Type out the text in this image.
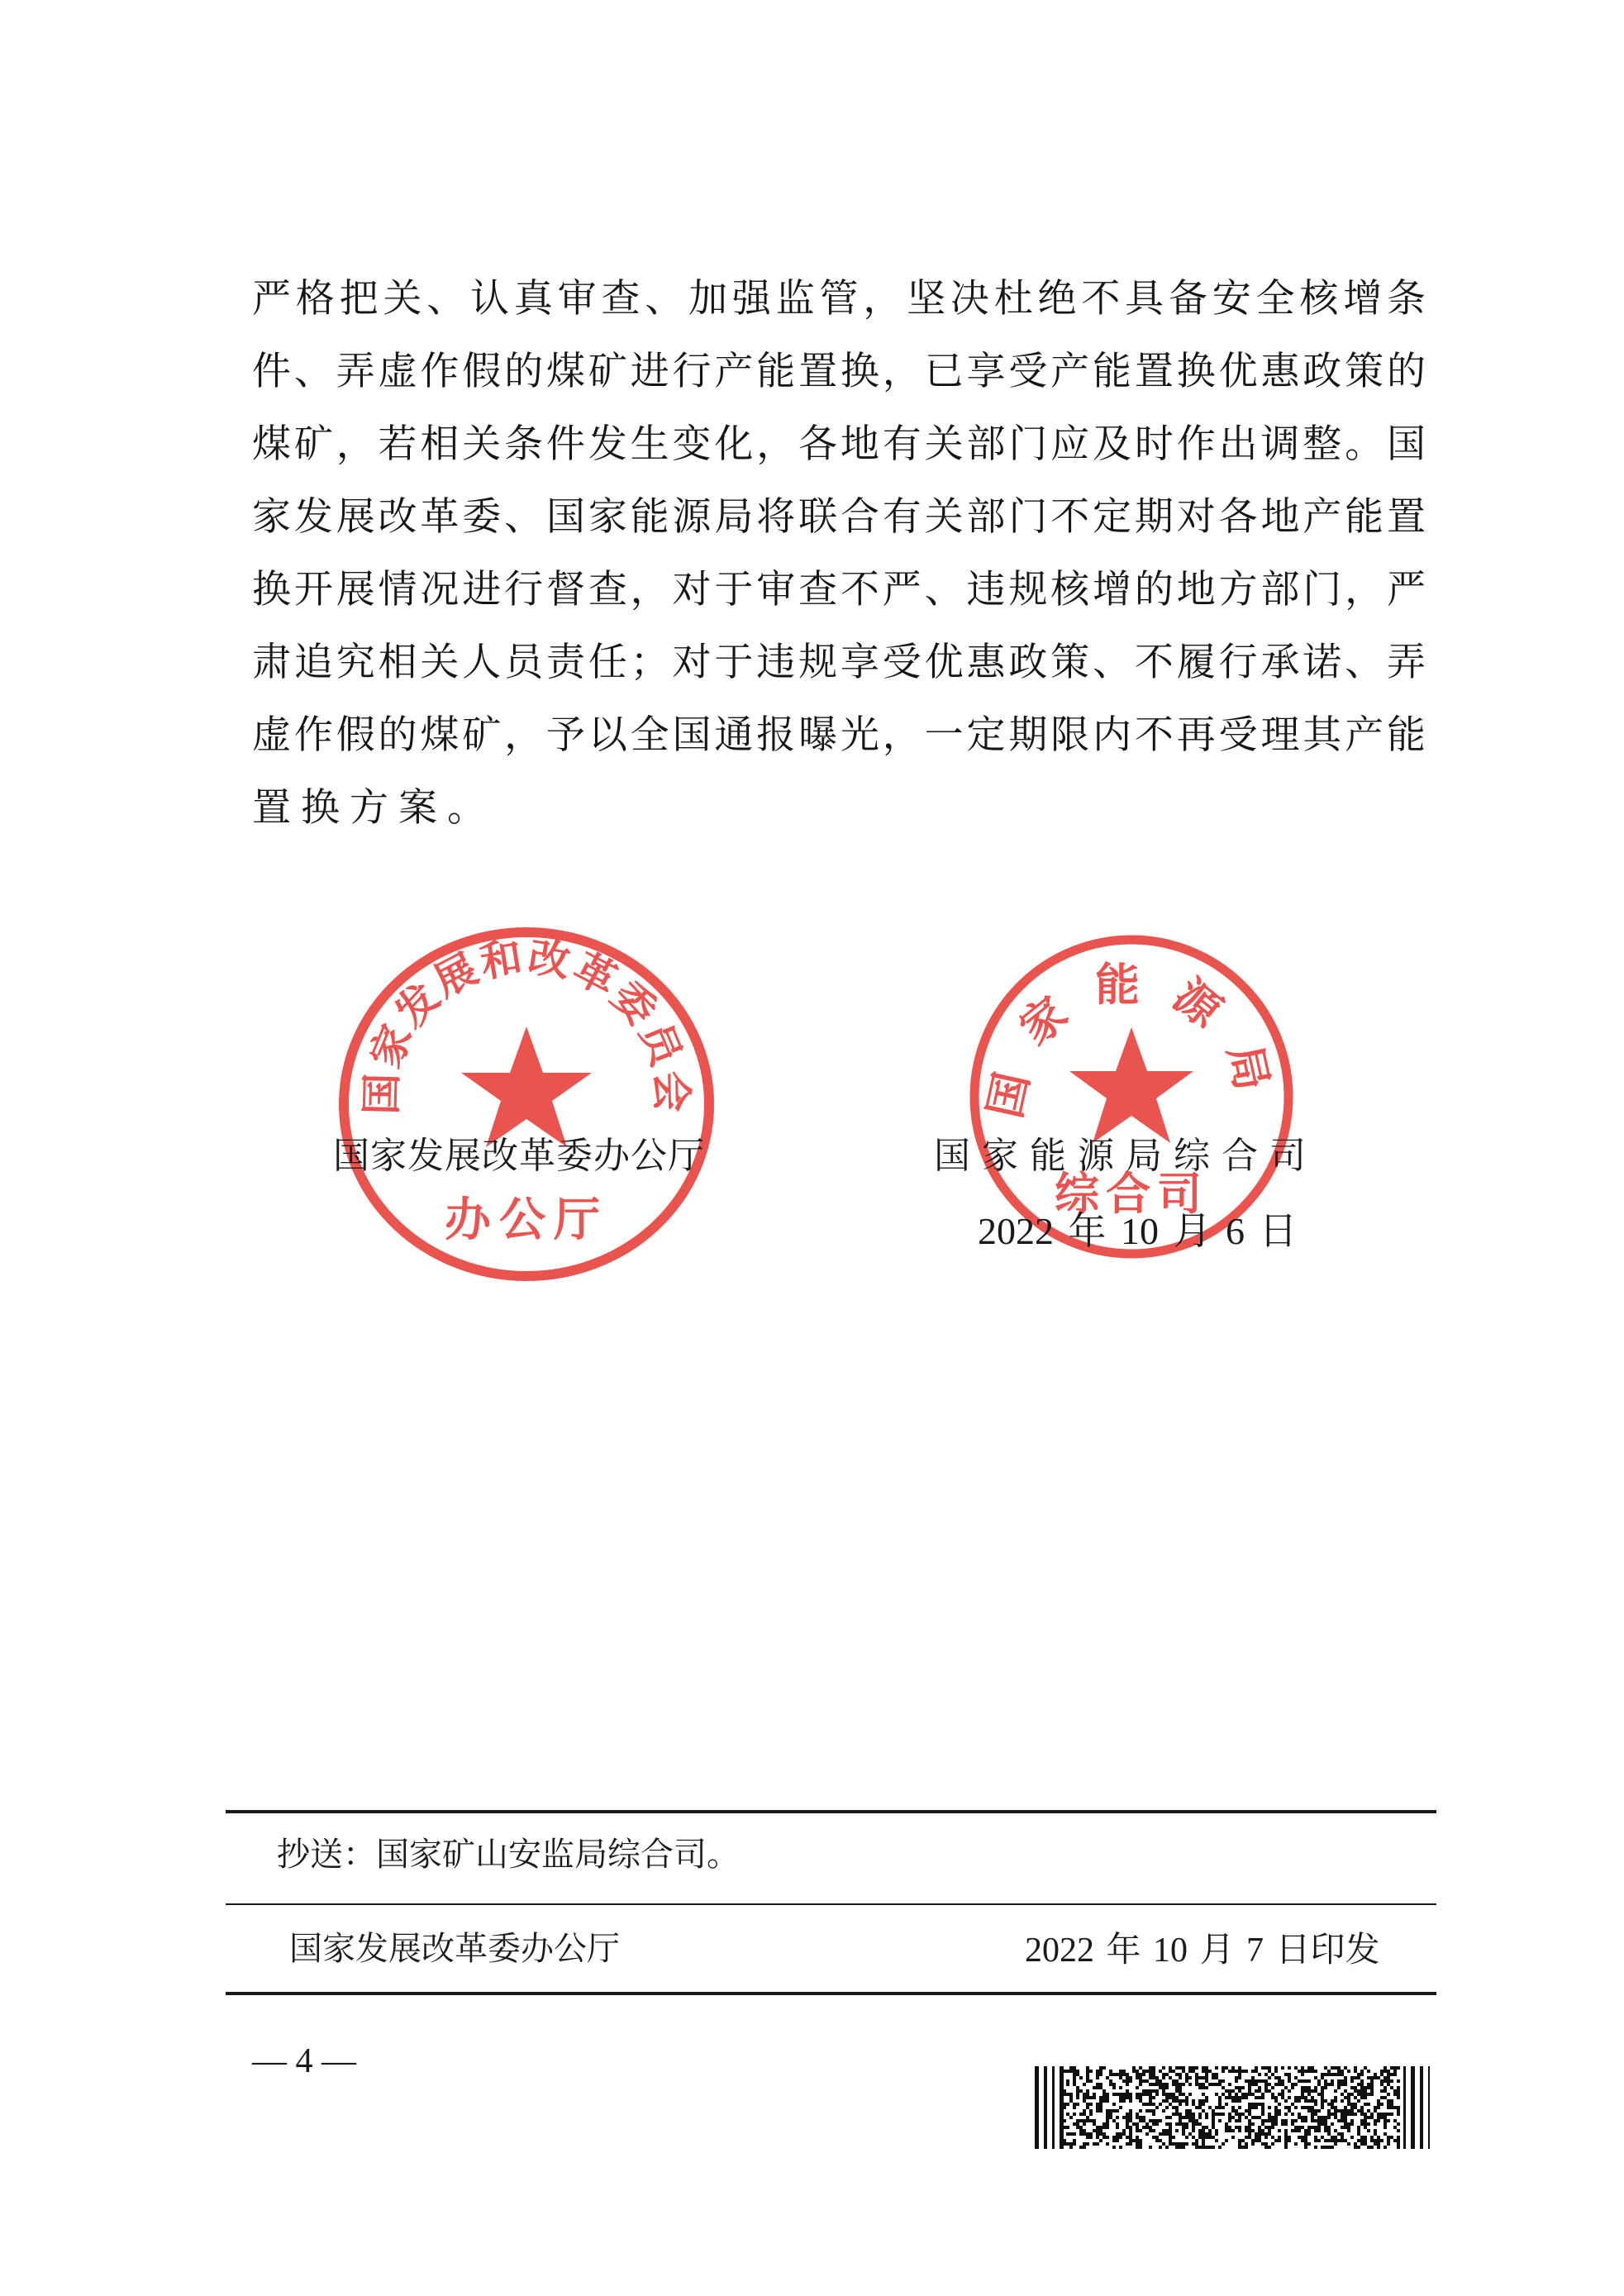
严格把关、认真审查、加强监管，坚决杜绝不具备安全核增条
件、弄虚作假的煤矿进行产能置换，已享受产能置换优惠政策的
煤矿，若相关条件发生变化，各地有关部门应及时作出调整。国
家发展改革委、国家能源局将联合有关部门不定期对各地产能置
换开展情况进行督查，对于审查不严、违规核增的地方部门，严
肃追究相关人员责任；对于违规享受优惠政策、不履行承诺、弄
虚作假的煤矿，予以全国通报曝光，一定期限内不再受理其产能
置换方案。
国家发展和改革委员会
办公厅
国家能源局
综合司
国家发展改革委办公厅	国家能源局综合司
2022 年 10 月 6 日
抄送：国家矿山安监局综合司。
国家发展改革委办公厅	2022 年 10 月 7 日印发
— 4 —
